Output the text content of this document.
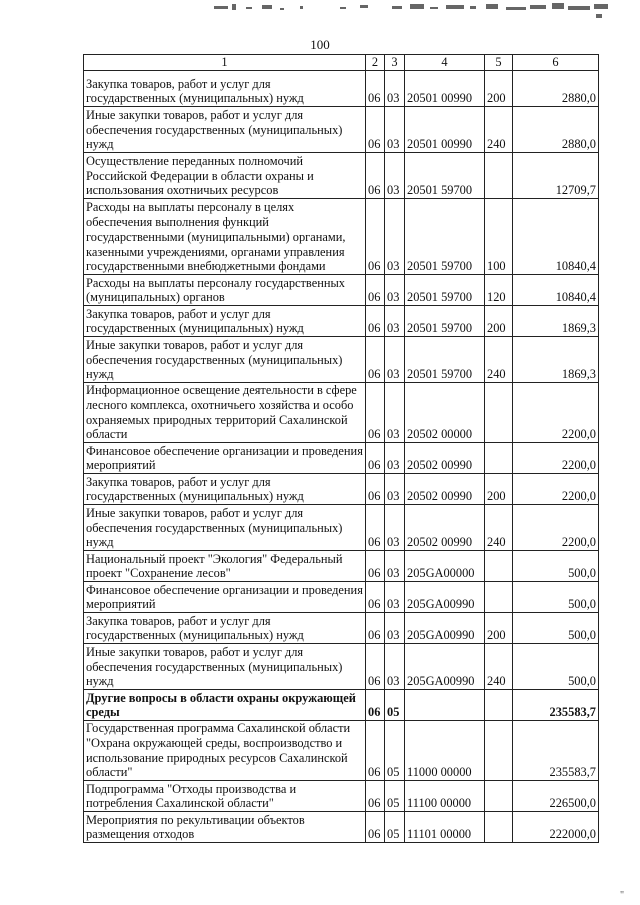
100
1	2	3	4	5	6
Закупка товаров, работ и услуг для государственных (муниципальных) нужд	06	03	20501 00990	200	2880,0
Иные закупки товаров, работ и услуг для обеспечения государственных (муниципальных) нужд	06	03	20501 00990	240	2880,0
Осуществление переданных полномочий Российской Федерации в области охраны и использования охотничьих ресурсов	06	03	20501 59700		12709,7
Расходы на выплаты персоналу в целях обеспечения выполнения функций государственными (муниципальными) органами, казенными учреждениями, органами управления государственными внебюджетными фондами	06	03	20501 59700	100	10840,4
Расходы на выплаты персоналу государственных (муниципальных) органов	06	03	20501 59700	120	10840,4
Закупка товаров, работ и услуг для государственных (муниципальных) нужд	06	03	20501 59700	200	1869,3
Иные закупки товаров, работ и услуг для обеспечения государственных (муниципальных) нужд	06	03	20501 59700	240	1869,3
Информационное освещение деятельности в сфере лесного комплекса, охотничьего хозяйства и особо охраняемых природных территорий Сахалинской области	06	03	20502 00000		2200,0
Финансовое обеспечение организации и проведения мероприятий	06	03	20502 00990		2200,0
Закупка товаров, работ и услуг для государственных (муниципальных) нужд	06	03	20502 00990	200	2200,0
Иные закупки товаров, работ и услуг для обеспечения государственных (муниципальных) нужд	06	03	20502 00990	240	2200,0
Национальный проект "Экология" Федеральный проект "Сохранение лесов"	06	03	205GA00000		500,0
Финансовое обеспечение организации и проведения мероприятий	06	03	205GA00990		500,0
Закупка товаров, работ и услуг для государственных (муниципальных) нужд	06	03	205GA00990	200	500,0
Иные закупки товаров, работ и услуг для обеспечения государственных (муниципальных) нужд	06	03	205GA00990	240	500,0
Другие вопросы в области охраны окружающей среды	06	05			235583,7
Государственная программа Сахалинской области "Охрана окружающей среды, воспроизводство и использование природных ресурсов Сахалинской области"	06	05	11000 00000		235583,7
Подпрограмма "Отходы производства и потребления Сахалинской области"	06	05	11100 00000		226500,0
Мероприятия по рекультивации объектов размещения отходов	06	05	11101 00000		222000,0
"
